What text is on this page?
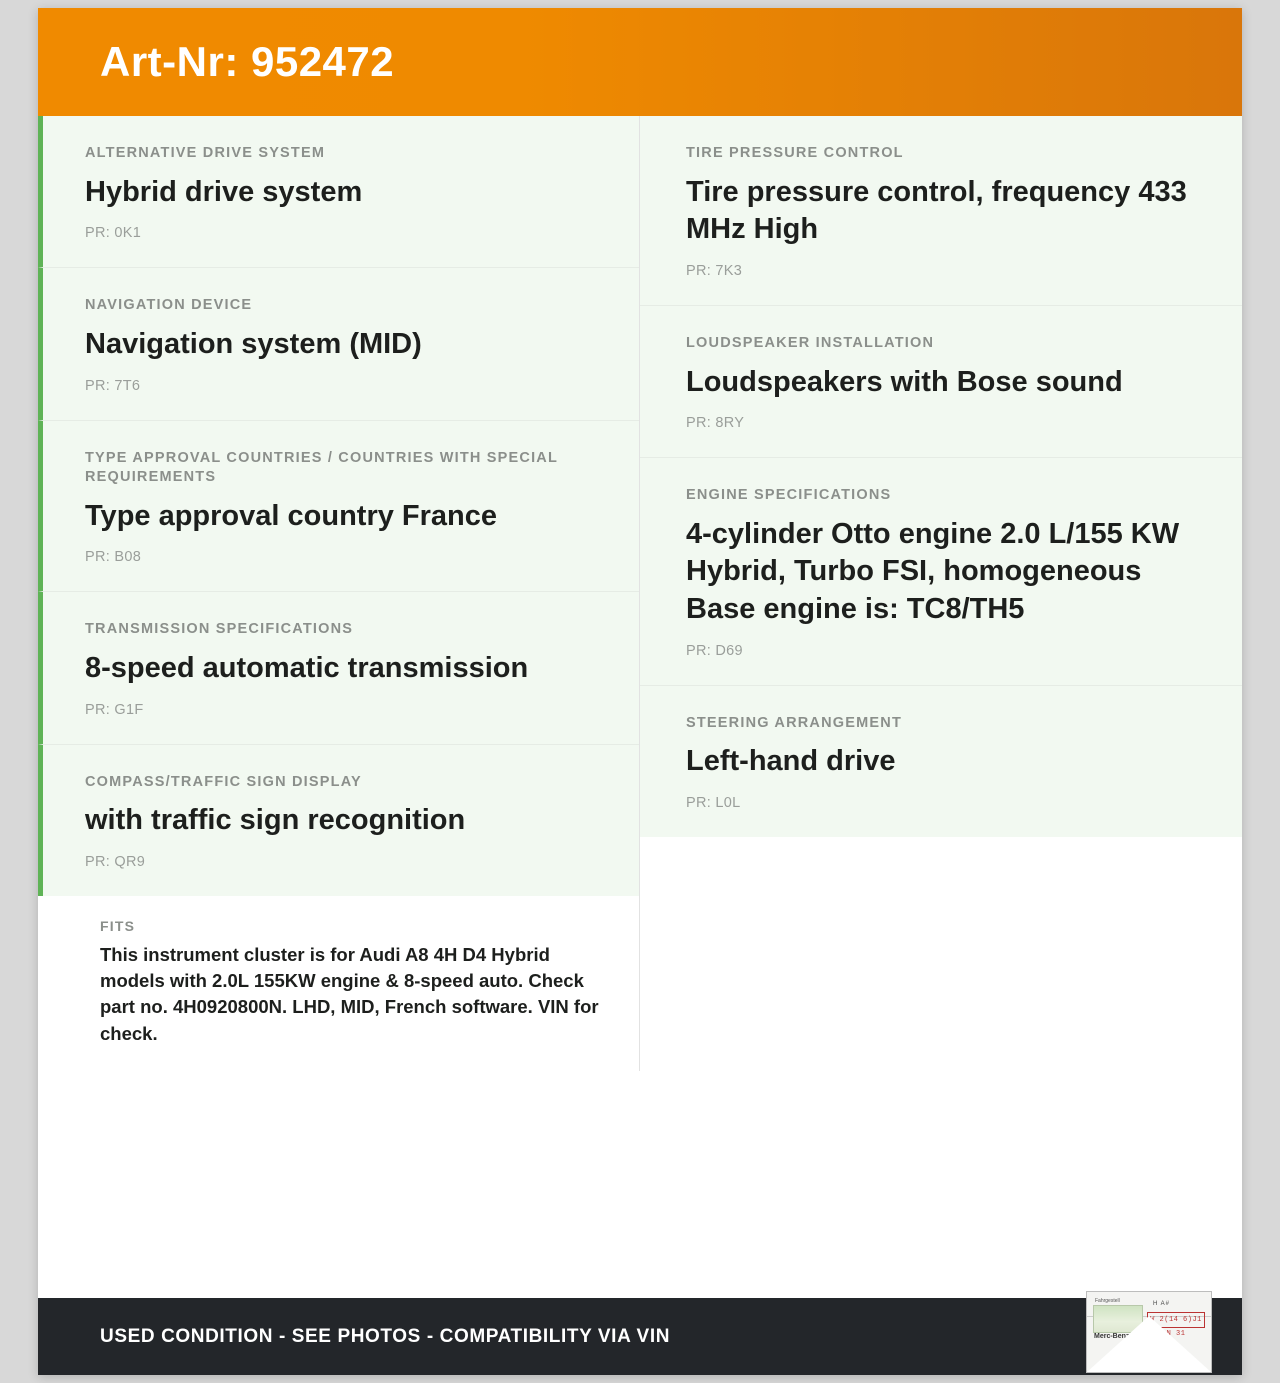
Art-Nr: 952472
ALTERNATIVE DRIVE SYSTEM
Hybrid drive system
PR: 0K1
NAVIGATION DEVICE
Navigation system (MID)
PR: 7T6
TYPE APPROVAL COUNTRIES / COUNTRIES WITH SPECIAL REQUIREMENTS
Type approval country France
PR: B08
TRANSMISSION SPECIFICATIONS
8-speed automatic transmission
PR: G1F
COMPASS/TRAFFIC SIGN DISPLAY
with traffic sign recognition
PR: QR9
FITS
This instrument cluster is for Audi A8 4H D4 Hybrid models with 2.0L 155KW engine & 8-speed auto. Check part no. 4H0920800N. LHD, MID, French software. VIN for check.
TIRE PRESSURE CONTROL
Tire pressure control, frequency 433 MHz High
PR: 7K3
LOUDSPEAKER INSTALLATION
Loudspeakers with Bose sound
PR: 8RY
ENGINE SPECIFICATIONS
4-cylinder Otto engine 2.0 L/155 KW Hybrid, Turbo FSI, homogeneous Base engine is: TC8/TH5
PR: D69
STEERING ARRANGEMENT
Left-hand drive
PR: L0L
USED CONDITION - SEE PHOTOS - COMPATIBILITY VIA VIN
Fahrgestell	H A#
W 2(14 6)J1 N 31
Merc-Benz
